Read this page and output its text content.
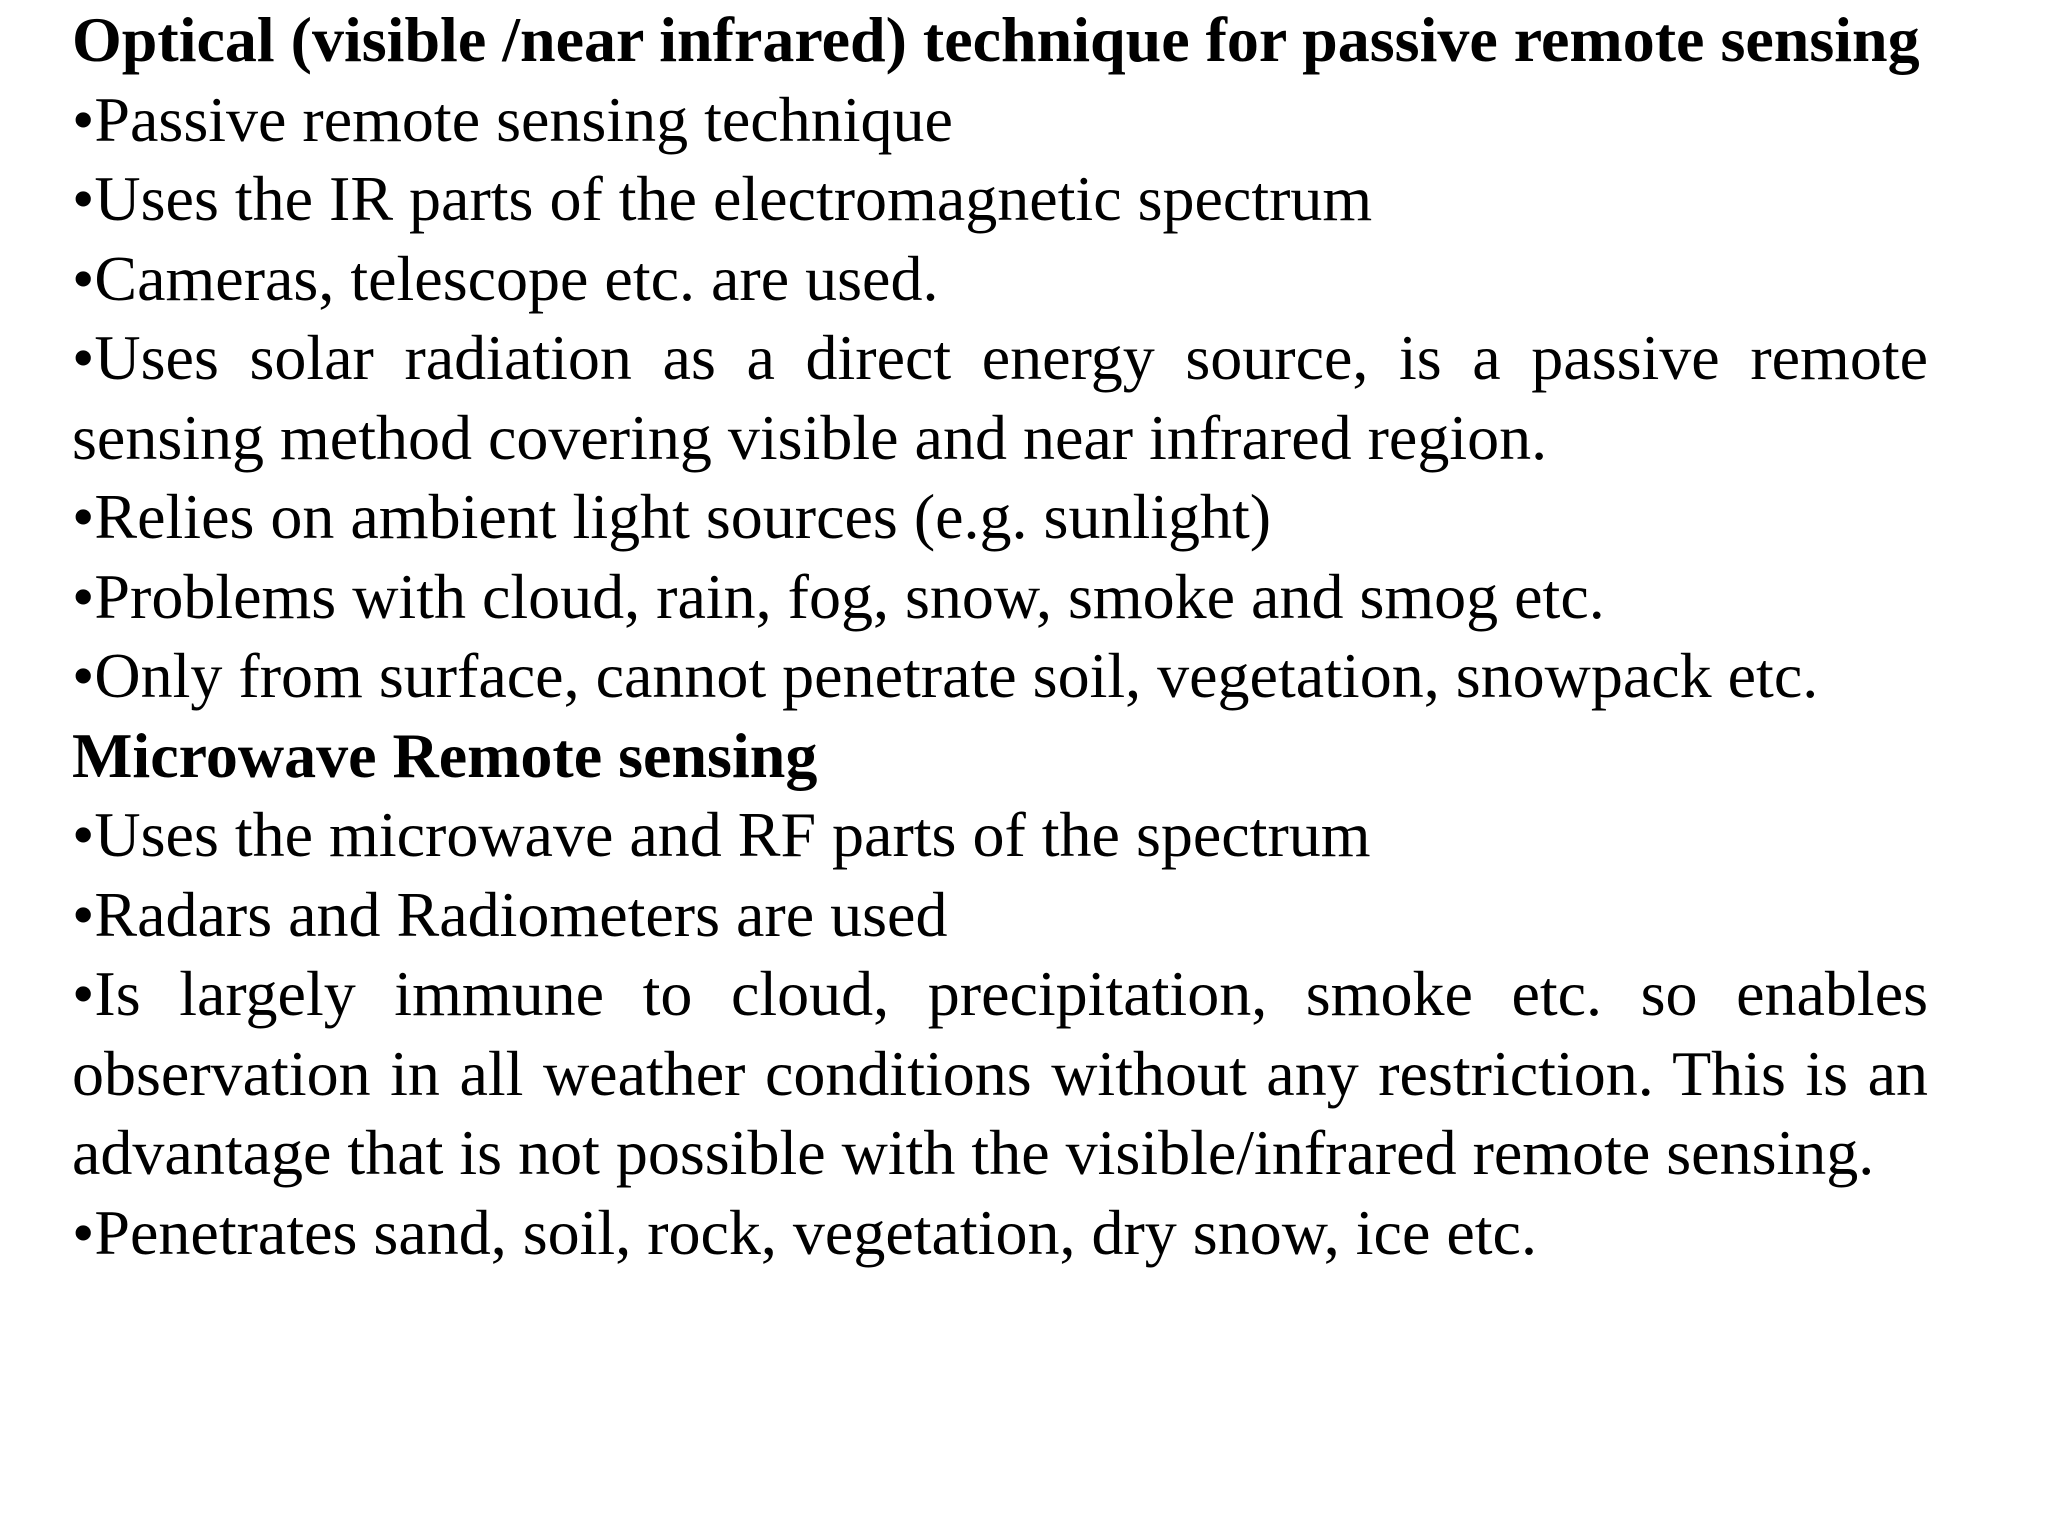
Optical (visible /near infrared) technique for passive remote sensing

•Passive remote sensing technique

•Uses the IR parts of the electromagnetic spectrum

•Cameras, telescope etc. are used.

•Uses solar radiation as a direct energy source, is a passive remote sensing method covering visible and near infrared region.

•Relies on ambient light sources (e.g. sunlight)

•Problems with cloud, rain, fog, snow, smoke and smog etc.

•Only from surface, cannot penetrate soil, vegetation, snowpack etc.

Microwave Remote sensing

•Uses the microwave and RF parts of the spectrum

•Radars and Radiometers are used

•Is largely immune to cloud, precipitation, smoke etc. so enables observation in all weather conditions without any restriction. This is an advantage that is not possible with the visible/infrared remote sensing.

•Penetrates sand, soil, rock, vegetation, dry snow, ice etc.
